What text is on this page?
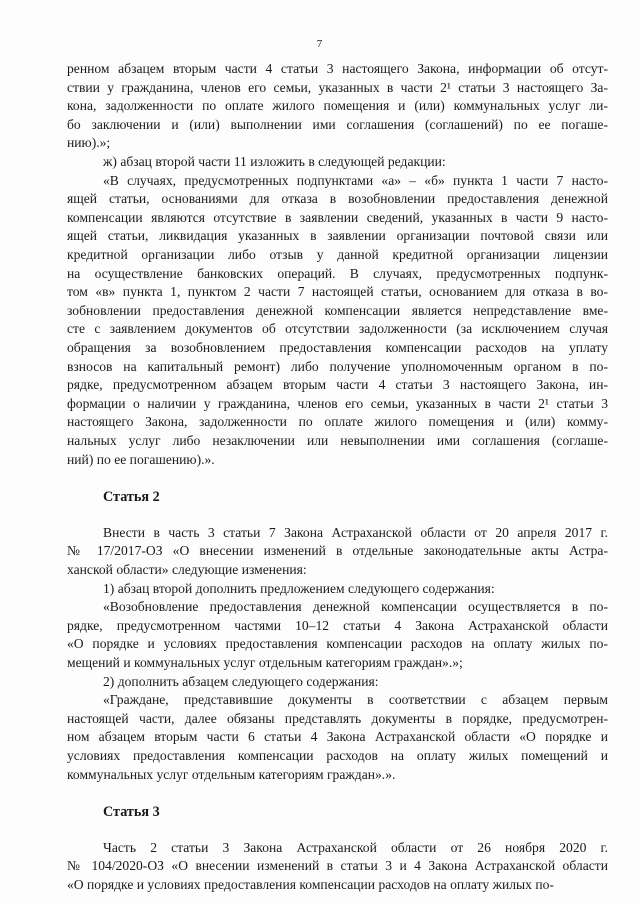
7
ренном абзацем вторым части 4 статьи 3 настоящего Закона, информации об отсут-
ствии у гражданина, членов его семьи, указанных в части 2¹ статьи 3 настоящего За-
кона, задолженности по оплате жилого помещения и (или) коммунальных услуг ли-
бо заключении и (или) выполнении ими соглашения (соглашений) по ее погаше-
нию).»;
ж) абзац второй части 11 изложить в следующей редакции:
«В случаях, предусмотренных подпунктами «а» – «б» пункта 1 части 7 насто-
ящей статьи, основаниями для отказа в возобновлении предоставления денежной
компенсации являются отсутствие в заявлении сведений, указанных в части 9 насто-
ящей статьи, ликвидация указанных в заявлении организации почтовой связи или
кредитной организации либо отзыв у данной кредитной организации лицензии
на осуществление банковских операций. В случаях, предусмотренных подпунк-
том «в» пункта 1, пунктом 2 части 7 настоящей статьи, основанием для отказа в во-
зобновлении предоставления денежной компенсации является непредставление вме-
сте с заявлением документов об отсутствии задолженности (за исключением случая
обращения за возобновлением предоставления компенсации расходов на уплату
взносов на капитальный ремонт) либо получение уполномоченным органом в по-
рядке, предусмотренном абзацем вторым части 4 статьи 3 настоящего Закона, ин-
формации о наличии у гражданина, членов его семьи, указанных в части 2¹ статьи 3
настоящего Закона, задолженности по оплате жилого помещения и (или) комму-
нальных услуг либо незаключении или невыполнении ими соглашения (соглаше-
ний) по ее погашению).».
Статья 2
Внести в часть 3 статьи 7 Закона Астраханской области от 20 апреля 2017 г.
№ 17/2017-ОЗ «О внесении изменений в отдельные законодательные акты Астра-
ханской области» следующие изменения:
1) абзац второй дополнить предложением следующего содержания:
«Возобновление предоставления денежной компенсации осуществляется в по-
рядке, предусмотренном частями 10–12 статьи 4 Закона Астраханской области
«О порядке и условиях предоставления компенсации расходов на оплату жилых по-
мещений и коммунальных услуг отдельным категориям граждан».»;
2) дополнить абзацем следующего содержания:
«Граждане, представившие документы в соответствии с абзацем первым
настоящей части, далее обязаны представлять документы в порядке, предусмотрен-
ном абзацем вторым части 6 статьи 4 Закона Астраханской области «О порядке и
условиях предоставления компенсации расходов на оплату жилых помещений и
коммунальных услуг отдельным категориям граждан».».
Статья 3
Часть 2 статьи 3 Закона Астраханской области от 26 ноября 2020 г.
№ 104/2020-ОЗ «О внесении изменений в статьи 3 и 4 Закона Астраханской области
«О порядке и условиях предоставления компенсации расходов на оплату жилых по-
